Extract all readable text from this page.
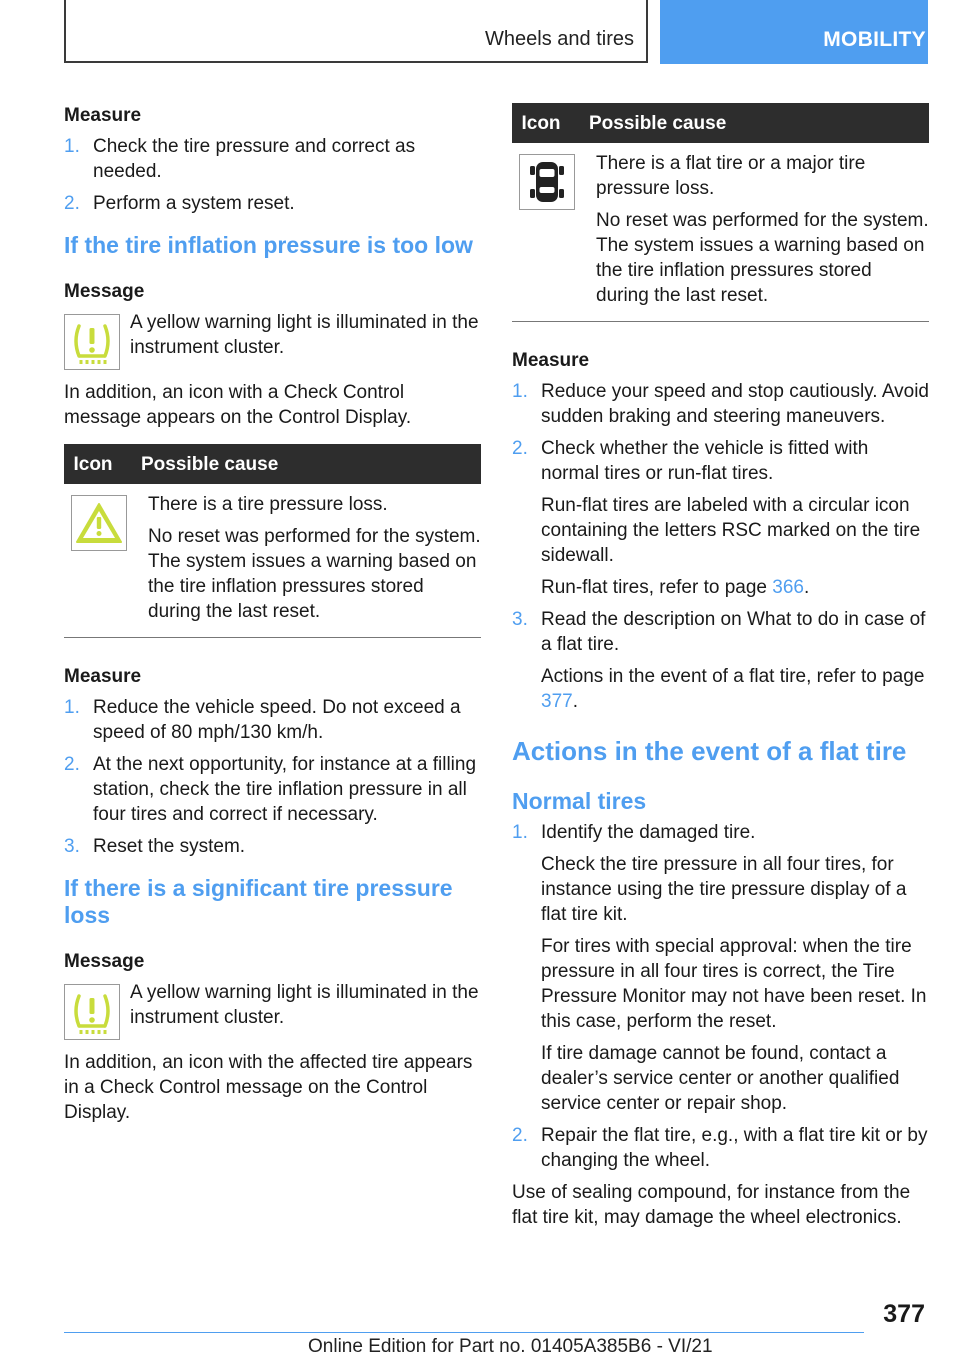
Wheels and tires	MOBILITY
Measure
1. Check the tire pressure and correct as needed.
2. Perform a system reset.
If the tire inflation pressure is too low
Message
A yellow warning light is illuminated in the instrument cluster.

In addition, an icon with a Check Control message appears on the Control Display.

Icon	Possible cause

There is a tire pressure loss.

No reset was performed for the system. The system issues a warning based on the tire inflation pressures stored during the last reset.

Measure
1. Reduce the vehicle speed. Do not exceed a speed of 80 mph/130 km/h.
2. At the next opportunity, for instance at a filling station, check the tire inflation pressure in all four tires and correct if necessary.
3. Reset the system.
If there is a significant tire pressure loss
Message
A yellow warning light is illuminated in the instrument cluster.

In addition, an icon with the affected tire appears in a Check Control message on the Control Display.

Icon	Possible cause

There is a flat tire or a major tire pressure loss.

No reset was performed for the system. The system issues a warning based on the tire inflation pressures stored during the last reset.

Measure
1. Reduce your speed and stop cautiously. Avoid sudden braking and steering maneuvers.

2. Check whether the vehicle is fitted with normal tires or run-flat tires.

Run-flat tires are labeled with a circular icon containing the letters RSC marked on the tire sidewall.

Run-flat tires, refer to page 366.

3. Read the description on What to do in case of a flat tire.

Actions in the event of a flat tire, refer to page 377.

Actions in the event of a flat tire
Normal tires
1. Identify the damaged tire.

Check the tire pressure in all four tires, for instance using the tire pressure display of a flat tire kit.

For tires with special approval: when the tire pressure in all four tires is correct, the Tire Pressure Monitor may not have been reset. In this case, perform the reset.

If tire damage cannot be found, contact a dealer’s service center or another qualified service center or repair shop.

2. Repair the flat tire, e.g., with a flat tire kit or by changing the wheel.

Use of sealing compound, for instance from the flat tire kit, may damage the wheel electronics.

377
Online Edition for Part no. 01405A385B6 - VI/21
